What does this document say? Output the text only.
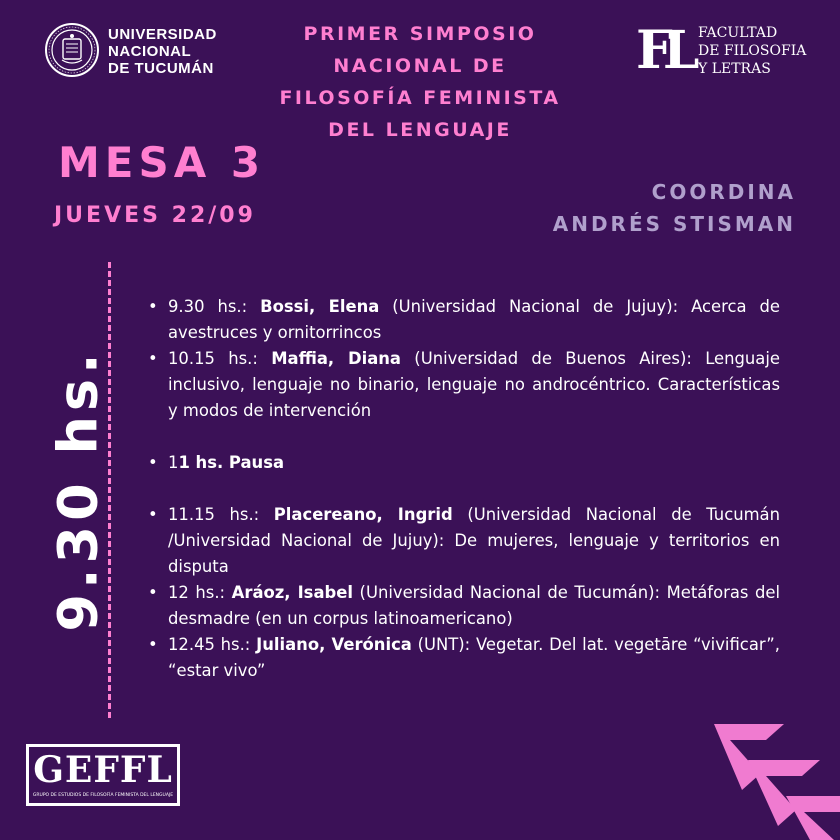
UNIVERSIDAD
NACIONAL
DE TUCUMÁN
PRIMER SIMPOSIO
NACIONAL DE
FILOSOFÍA FEMINISTA
DEL LENGUAJE
FL FACULTAD
DE FILOSOFIA
Y LETRAS
MESA 3
JUEVES 22/09
COORDINA
ANDRÉS STISMAN
9.30 hs.
• 9.30 hs.: Bossi, Elena (Universidad Nacional de Jujuy): Acerca de avestruces y ornitorrincos
• 10.15 hs.: Maffia, Diana (Universidad de Buenos Aires): Lenguaje inclusivo, lenguaje no binario, lenguaje no androcéntrico. Características y modos de intervención
• 11 hs. Pausa
• 11.15 hs.: Placereano, Ingrid (Universidad Nacional de Tucumán /Universidad Nacional de Jujuy): De mujeres, lenguaje y territorios en disputa
• 12 hs.: Aráoz, Isabel (Universidad Nacional de Tucumán): Metáforas del desmadre (en un corpus latinoamericano)
• 12.45 hs.: Juliano, Verónica (UNT): Vegetar. Del lat. vegetāre “vivificar”, “estar vivo”
GEFFL
GRUPO DE ESTUDIOS DE FILOSOFÍA FEMINISTA DEL LENGUAJE
